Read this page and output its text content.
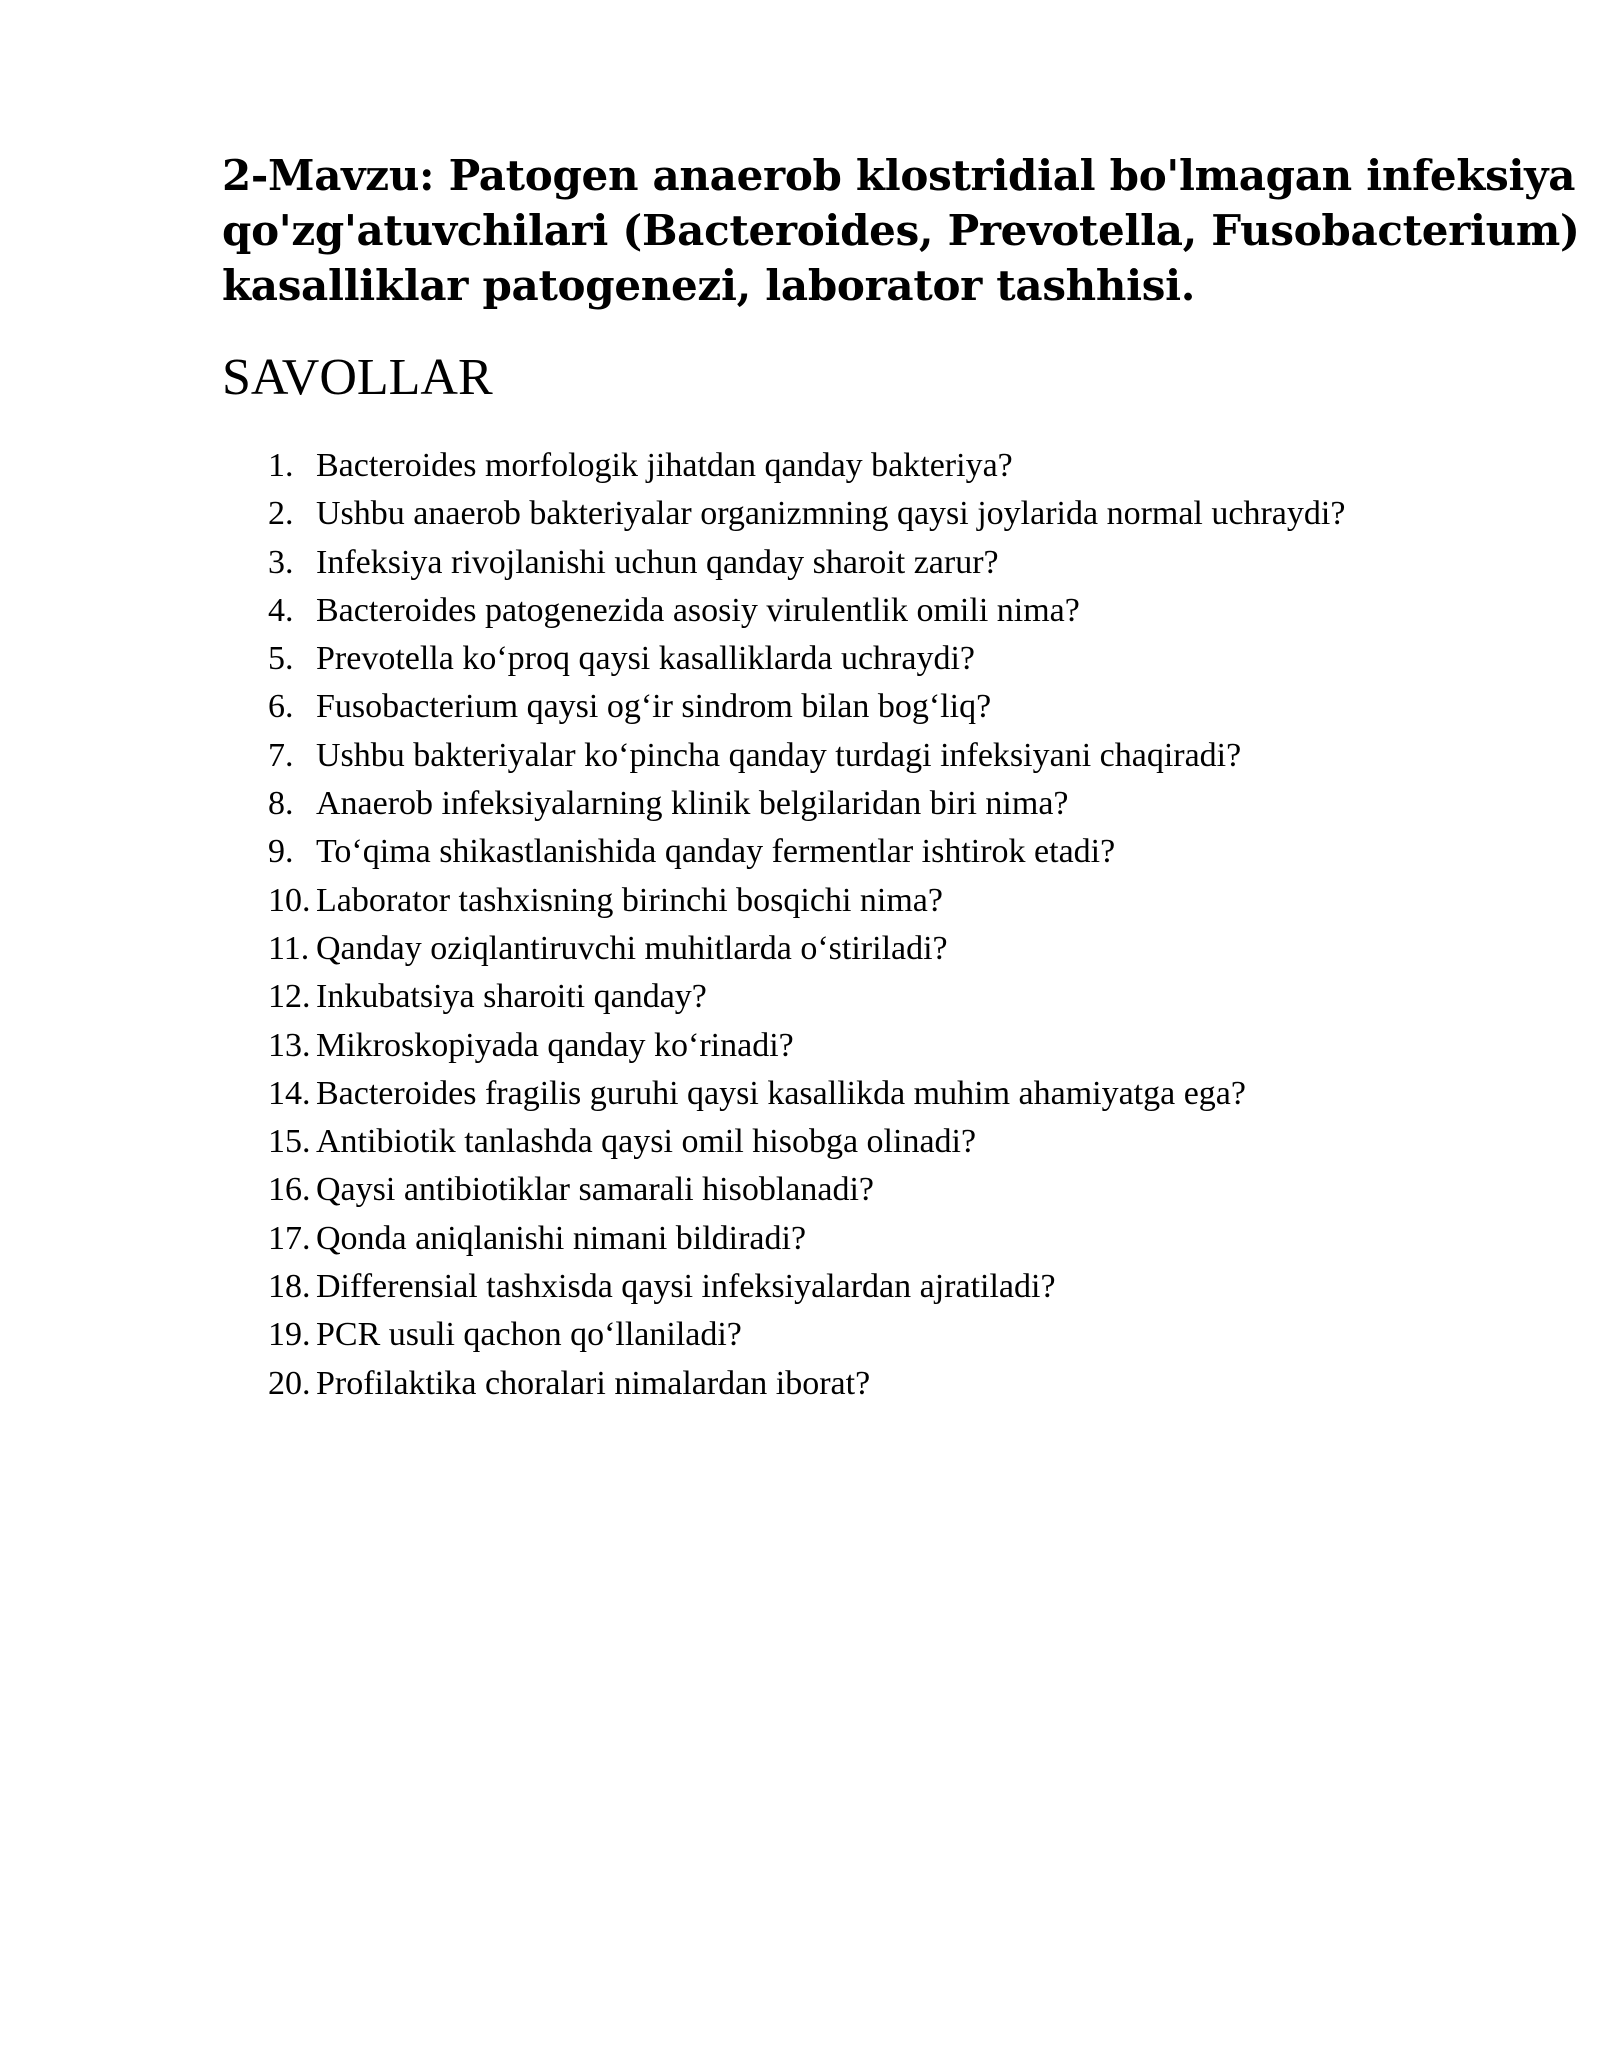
2-Mavzu: Patogen anaerob klostridial bo'lmagan infeksiya
qo'zg'atuvchilari (Bacteroides, Prevotella, Fusobacterium)
kasalliklar patogenezi, laborator tashhisi.
SAVOLLAR
1. Bacteroides morfologik jihatdan qanday bakteriya?
2. Ushbu anaerob bakteriyalar organizmning qaysi joylarida normal uchraydi?
3. Infeksiya rivojlanishi uchun qanday sharoit zarur?
4. Bacteroides patogenezida asosiy virulentlik omili nima?
5. Prevotella ko‘proq qaysi kasalliklarda uchraydi?
6. Fusobacterium qaysi og‘ir sindrom bilan bog‘liq?
7. Ushbu bakteriyalar ko‘pincha qanday turdagi infeksiyani chaqiradi?
8. Anaerob infeksiyalarning klinik belgilaridan biri nima?
9. To‘qima shikastlanishida qanday fermentlar ishtirok etadi?
10. Laborator tashxisning birinchi bosqichi nima?
11. Qanday oziqlantiruvchi muhitlarda o‘stiriladi?
12. Inkubatsiya sharoiti qanday?
13. Mikroskopiyada qanday ko‘rinadi?
14. Bacteroides fragilis guruhi qaysi kasallikda muhim ahamiyatga ega?
15. Antibiotik tanlashda qaysi omil hisobga olinadi?
16. Qaysi antibiotiklar samarali hisoblanadi?
17. Qonda aniqlanishi nimani bildiradi?
18. Differensial tashxisda qaysi infeksiyalardan ajratiladi?
19. PCR usuli qachon qo‘llaniladi?
20. Profilaktika choralari nimalardan iborat?
